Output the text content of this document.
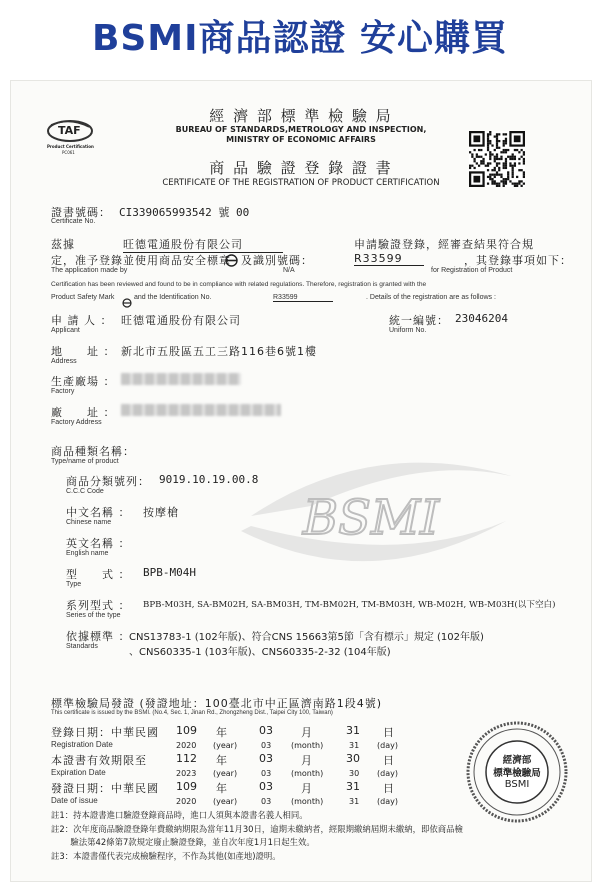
BSMI商品認證 安心購買
TAF
Product Certification
PC061
經 濟 部 標 準 檢 驗 局
BUREAU OF STANDARDS,METROLOGY AND INSPECTION,
MINISTRY OF ECONOMIC AFFAIRS
商 品 驗 證 登 錄 證 書
CERTIFICATE OF THE REGISTRATION OF PRODUCT CERTIFICATION
證書號碼： CI339065993542 號 00
Certificate No.
茲據	旺德電通股份有限公司	申請驗證登錄，經審查結果符合規
定，准予登錄並使用商品安全標章 及識別號碼：	R33599	，其登錄事項如下：
The application made by	N/A	for Registration of Product
Certification has been reviewed and found to be in compliance with related regulations. Therefore, registration is granted with the
Product Safety Mark	and the Identification No.	R33599	. Details of the registration are as follows :
申 請 人 ： 旺德電通股份有限公司
Applicant
統一編號： 23046204
Uniform No.
地　　址 ： 新北市五股區五工三路116巷6號1樓
Address
生產廠場 ：
Factory
廠　　址 ：
Factory Address
BSMI
商品種類名稱：
Type/name of product
商品分類號列： 9019.10.19.00.8
C.C.C Code
中文名稱 ： 按摩槍
Chinese name
英文名稱 ：
English name
型　　式 ： BPB-M04H
Type
系列型式 ： BPB-M03H, SA-BM02H, SA-BM03H, TM-BM02H, TM-BM03H, WB-M02H, WB-M03H(以下空白)
Series of the type
依據標準 ：
CNS13783-1 (102年版)、符合CNS 15663第5節「含有標示」規定 (102年版)
、CNS60335-1 (103年版)、CNS60335-2-32 (104年版)
Standards
標準檢驗局發證 (發證地址：100臺北市中正區濟南路1段4號)
This certificate is issued by the BSMI. (No.4, Sec. 1, Jinan Rd., Zhongzheng Dist., Taipei City 100, Taiwan)
登錄日期：中華民國 109 年	03	月	31 日
Registration Date	2020 (year)	03 (month)	31 (day)
本證書有效期限至	112 年	03	月	30 日
Expiration Date	2023 (year)	03 (month)	30 (day)
發證日期：中華民國 109 年	03	月	31 日
Date of issue	2020 (year)	03 (month)	31 (day)
註1：持本證書進口驗證登錄商品時，進口人須與本證書名義人相同。
註2：次年度商品驗證登錄年費繳納期限為當年11月30日，逾期未繳納者，經限期繳納屆期未繳納，即依商品檢
　　 驗法第42條第7款規定廢止驗證登錄，並自次年度1月1日起生效。
註3：本證書僅代表完成檢驗程序，不作為其他(如產地)證明。
經濟部
標準檢驗局
BSMI
